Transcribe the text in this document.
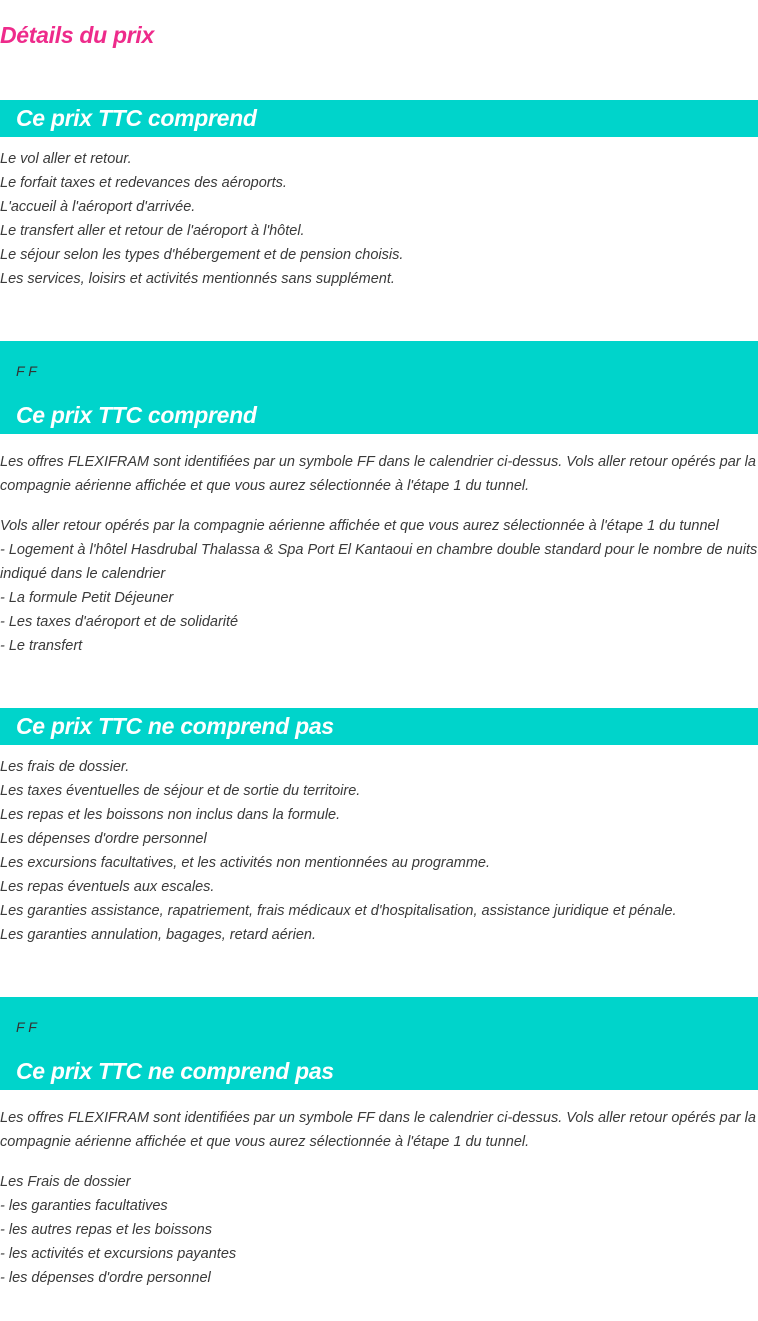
Détails du prix
Ce prix TTC comprend
Le vol aller et retour.
Le forfait taxes et redevances des aéroports.
L'accueil à l'aéroport d'arrivée.
Le transfert aller et retour de l'aéroport à l'hôtel.
Le séjour selon les types d'hébergement et de pension choisis.
Les services, loisirs et activités mentionnés sans supplément.
F F
Ce prix TTC comprend

Les offres FLEXIFRAM sont identifiées par un symbole FF dans le calendrier ci-dessus. Vols aller retour opérés par la compagnie aérienne affichée et que vous aurez sélectionnée à l'étape 1 du tunnel.

Vols aller retour opérés par la compagnie aérienne affichée et que vous aurez sélectionnée à l'étape 1 du tunnel
- Logement à l'hôtel Hasdrubal Thalassa & Spa Port El Kantaoui en chambre double standard pour le nombre de nuits indiqué dans le calendrier
- La formule Petit Déjeuner
- Les taxes d'aéroport et de solidarité
- Le transfert
Ce prix TTC ne comprend pas
Les frais de dossier.
Les taxes éventuelles de séjour et de sortie du territoire.
Les repas et les boissons non inclus dans la formule.
Les dépenses d'ordre personnel
Les excursions facultatives, et les activités non mentionnées au programme.
Les repas éventuels aux escales.
Les garanties assistance, rapatriement, frais médicaux et d'hospitalisation, assistance juridique et pénale.
Les garanties annulation, bagages, retard aérien.
F F
Ce prix TTC ne comprend pas

Les offres FLEXIFRAM sont identifiées par un symbole FF dans le calendrier ci-dessus. Vols aller retour opérés par la compagnie aérienne affichée et que vous aurez sélectionnée à l'étape 1 du tunnel.

Les Frais de dossier
- les garanties facultatives
- les autres repas et les boissons
- les activités et excursions payantes
- les dépenses d'ordre personnel
